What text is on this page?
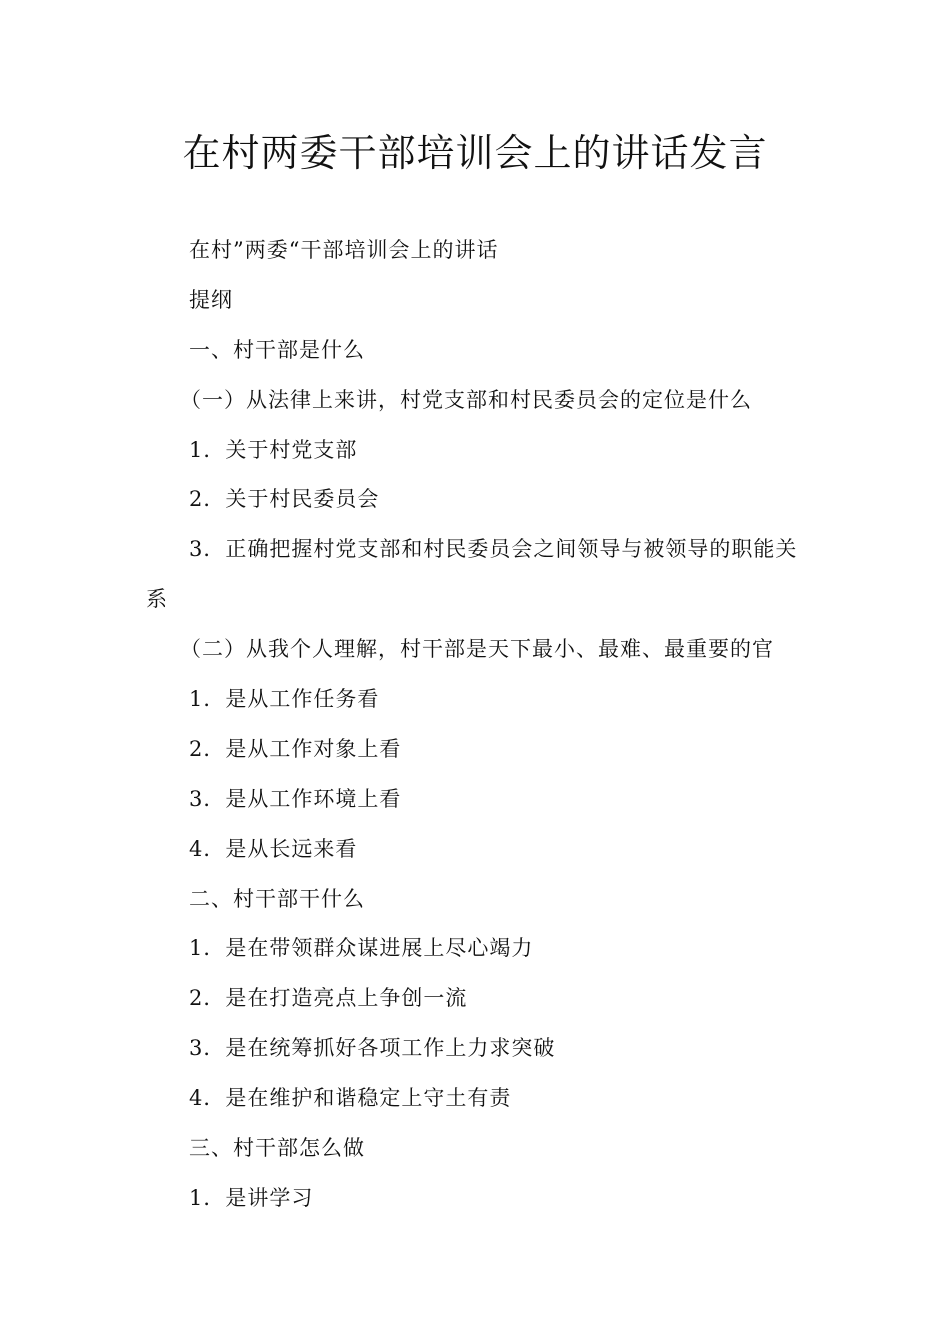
在村两委干部培训会上的讲话发言

在村”两委“干部培训会上的讲话

提纲

一、村干部是什么

（一）从法律上来讲，村党支部和村民委员会的定位是什么

1．关于村党支部

2．关于村民委员会

3．正确把握村党支部和村民委员会之间领导与被领导的职能关

系

（二）从我个人理解，村干部是天下最小、最难、最重要的官

1．是从工作任务看

2．是从工作对象上看

3．是从工作环境上看

4．是从长远来看

二、村干部干什么

1．是在带领群众谋进展上尽心竭力

2．是在打造亮点上争创一流

3．是在统筹抓好各项工作上力求突破

4．是在维护和谐稳定上守土有责

三、村干部怎么做

1．是讲学习
